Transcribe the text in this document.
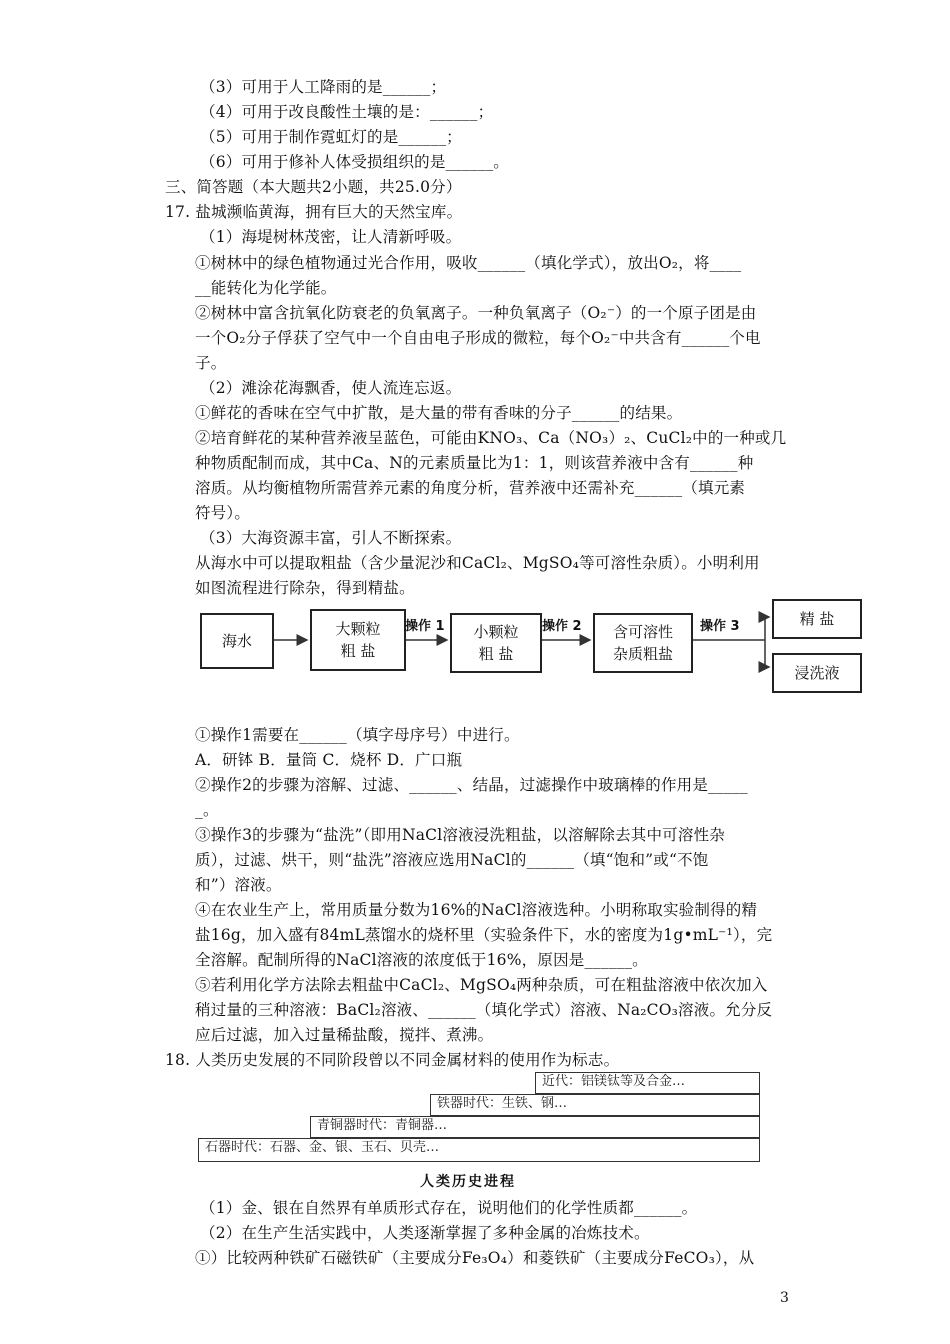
（3）可用于人工降雨的是______；
（4）可用于改良酸性土壤的是：______；
（5）可用于制作霓虹灯的是______；
（6）可用于修补人体受损组织的是______。
三、简答题（本大题共2小题，共25.0分）
17. 盐城濒临黄海，拥有巨大的天然宝库。
（1）海堤树林茂密，让人清新呼吸。
①树林中的绿色植物通过光合作用，吸收______（填化学式），放出O₂，将____
__能转化为化学能。
②树林中富含抗氧化防衰老的负氧离子。一种负氧离子（O₂⁻）的一个原子团是由
一个O₂分子俘获了空气中一个自由电子形成的微粒，每个O₂⁻中共含有______个电
子。
（2）滩涂花海飘香，使人流连忘返。
①鲜花的香味在空气中扩散，是大量的带有香味的分子______的结果。
②培育鲜花的某种营养液呈蓝色，可能由KNO₃、Ca（NO₃）₂、CuCl₂中的一种或几
种物质配制而成，其中Ca、N的元素质量比为1：1，则该营养液中含有______种
溶质。从均衡植物所需营养元素的角度分析，营养液中还需补充______（填元素
符号）。
（3）大海资源丰富，引人不断探索。
从海水中可以提取粗盐（含少量泥沙和CaCl₂、MgSO₄等可溶性杂质）。小明利用
如图流程进行除杂，得到精盐。
海水
大颗粒
粗 盐
操作 1 小颗粒
粗 盐
操作 2 含可溶性
杂质粗盐
操作 3	精 盐
浸洗液
①操作1需要在______（填字母序号）中进行。
A．研钵 B．量筒 C．烧杯 D．广口瓶
②操作2的步骤为溶解、过滤、______、结晶，过滤操作中玻璃棒的作用是_____
_。
③操作3的步骤为“盐洗”（即用NaCl溶液浸洗粗盐，以溶解除去其中可溶性杂
质），过滤、烘干，则“盐洗”溶液应选用NaCl的______（填“饱和”或“不饱
和”）溶液。
④在农业生产上，常用质量分数为16%的NaCl溶液选种。小明称取实验制得的精
盐16g，加入盛有84mL蒸馏水的烧杯里（实验条件下，水的密度为1g•mL⁻¹），完
全溶解。配制所得的NaCl溶液的浓度低于16%，原因是______。
⑤若利用化学方法除去粗盐中CaCl₂、MgSO₄两种杂质，可在粗盐溶液中依次加入
稍过量的三种溶液：BaCl₂溶液、______（填化学式）溶液、Na₂CO₃溶液。允分反
应后过滤，加入过量稀盐酸，搅拌、煮沸。
18. 人类历史发展的不同阶段曾以不同金属材料的使用作为标志。
近代：铝镁钛等及合金…
铁器时代：生铁、钢…
青铜器时代：青铜器…
石器时代：石器、金、银、玉石、贝壳…
人类历史进程
（1）金、银在自然界有单质形式存在，说明他们的化学性质都______。
（2）在生产生活实践中，人类逐渐掌握了多种金属的冶炼技术。
①）比较两种铁矿石磁铁矿（主要成分Fe₃O₄）和菱铁矿（主要成分FeCO₃），从
3
